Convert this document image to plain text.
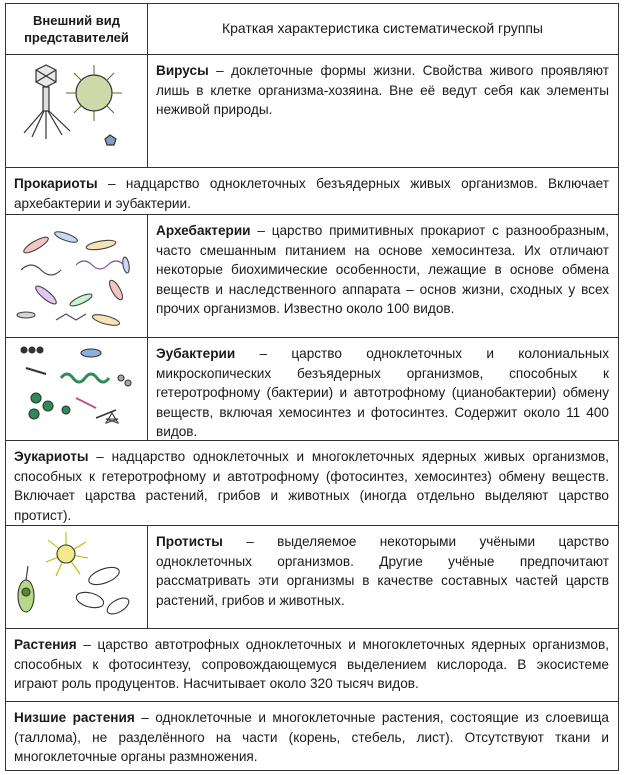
Внешний вид представителей
Краткая характеристика систематической группы
Вирусы – доклеточные формы жизни. Свойства живого проявляют лишь в клетке организма-хозяина. Вне её ведут себя как элементы неживой природы.
Прокариоты – надцарство одноклеточных безъядерных живых организмов. Включает архебактерии и эубактерии.
Архебактерии – царство примитивных прокариот с разнообразным, часто смешанным питанием на основе хемосинтеза. Их отличают некоторые биохимические особенности, лежащие в основе обмена веществ и наследственного аппарата – основ жизни, сходных у всех прочих организмов. Известно около 100 видов.
Эубактерии – царство одноклеточных и колониальных микроскопических безъядерных организмов, способных к гетеротрофному (бактерии) и автотрофному (цианобактерии) обмену веществ, включая хемосинтез и фотосинтез. Содержит около 11 400 видов.
Эукариоты – надцарство одноклеточных и многоклеточных ядерных живых организмов, способных к гетеротрофному и автотрофному (фотосинтез, хемосинтез) обмену веществ. Включает царства растений, грибов и животных (иногда отдельно выделяют царство протист).
Протисты – выделяемое некоторыми учёными царство одноклеточных организмов. Другие учёные предпочитают рассматривать эти организмы в качестве составных частей царств растений, грибов и животных.
Растения – царство автотрофных одноклеточных и многоклеточных ядерных организмов, способных к фотосинтезу, сопровождающемуся выделением кислорода. В экосистеме играют роль продуцентов. Насчитывает около 320 тысяч видов.
Низшие растения – одноклеточные и многоклеточные растения, состоящие из слоевища (таллома), не разделённого на части (корень, стебель, лист). Отсутствуют ткани и многоклеточные органы размножения.
